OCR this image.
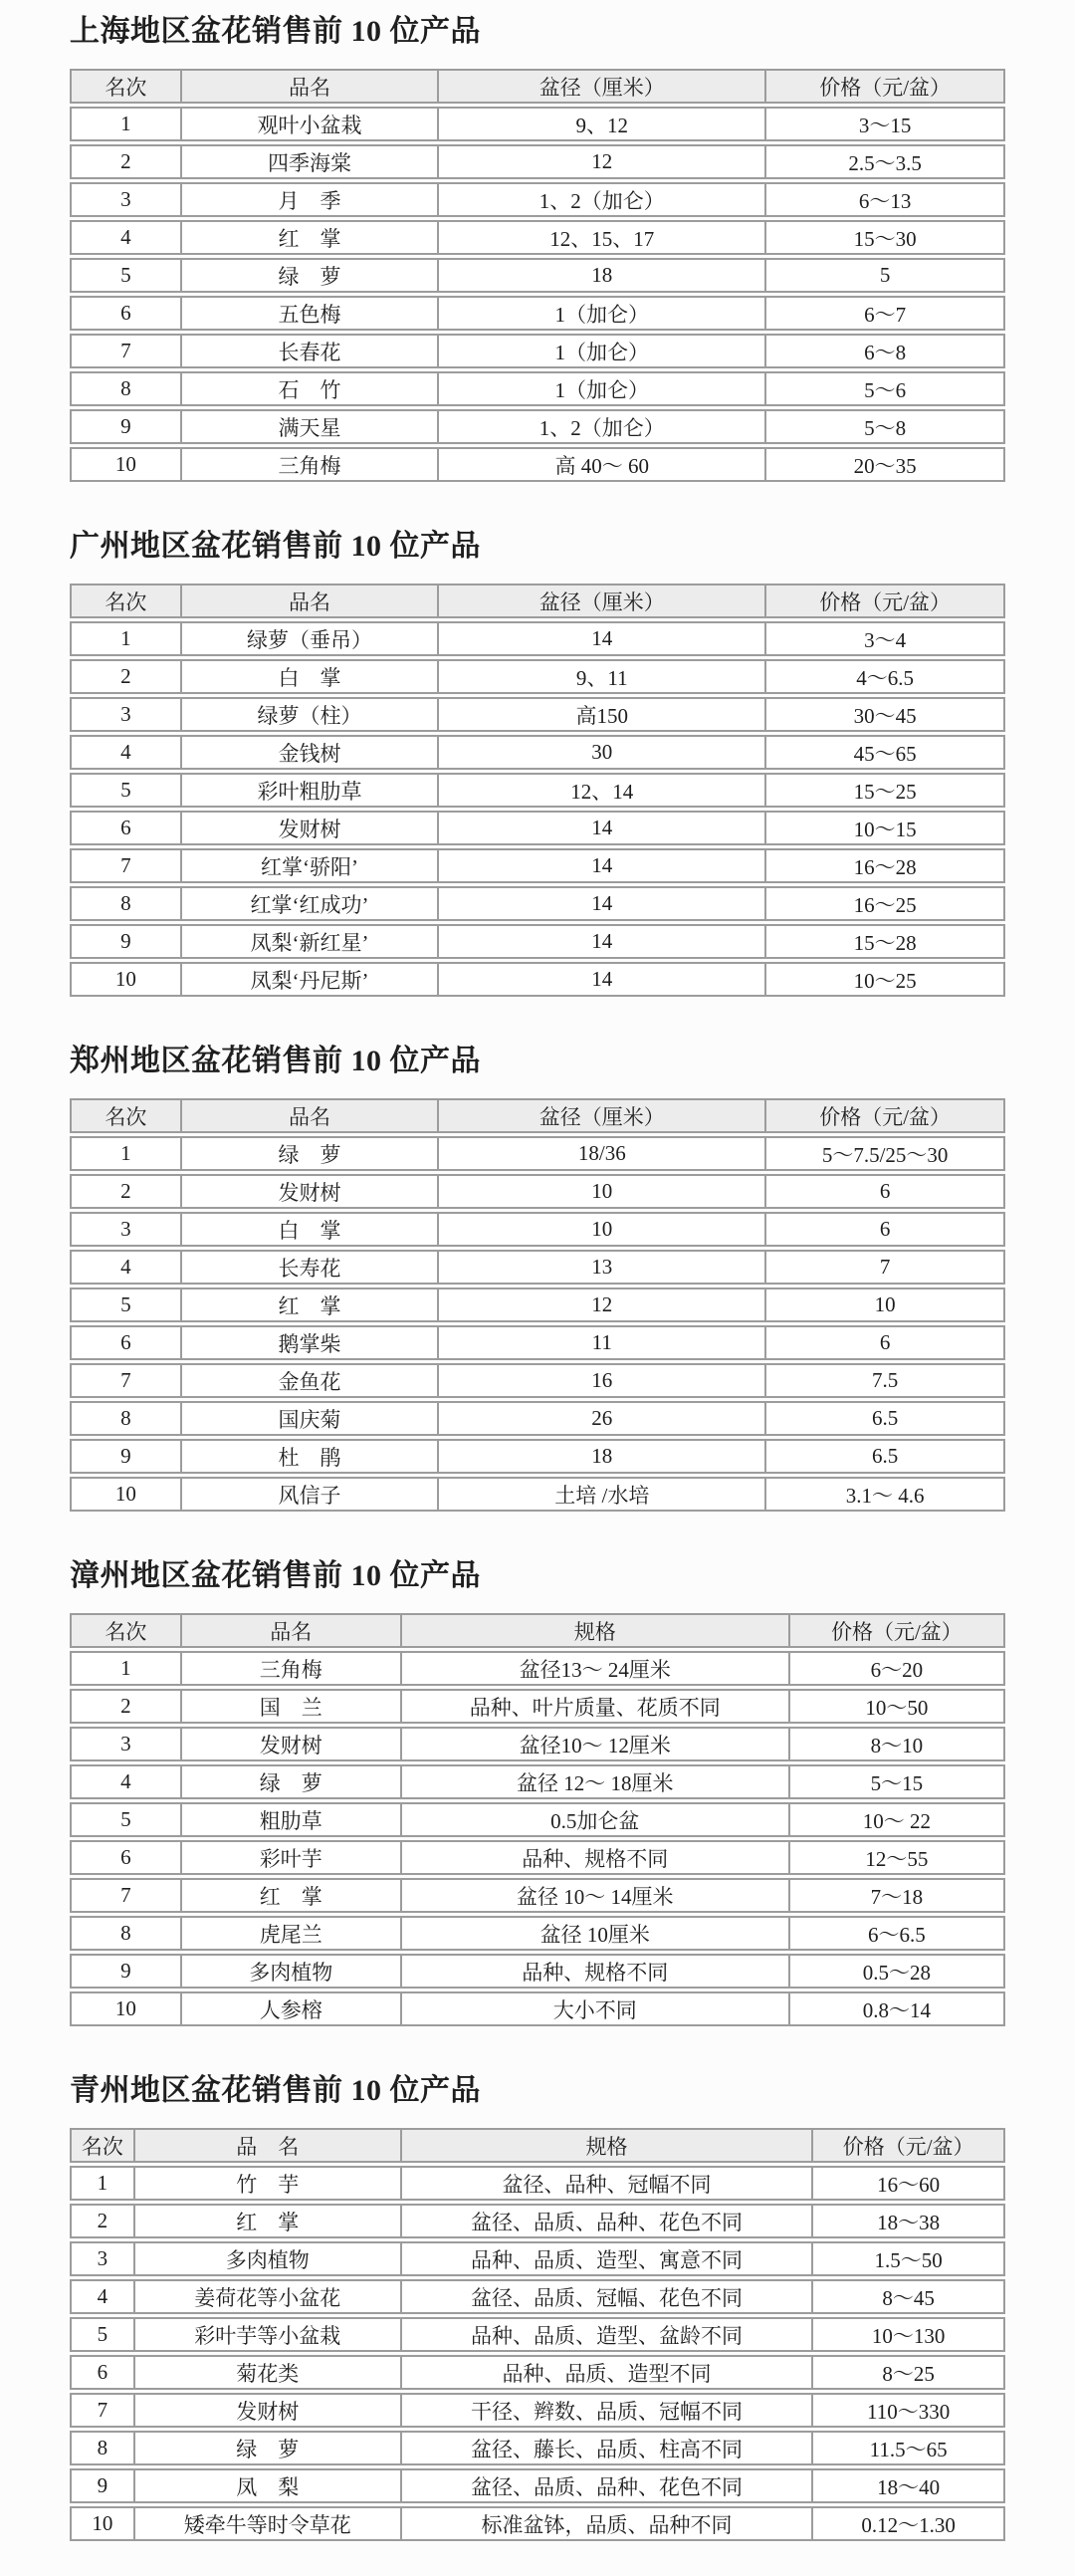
上海地区盆花销售前 10 位产品
名次	品名	盆径（厘米）	价格（元/盆）
1	观叶小盆栽	9、12	3～15
2	四季海棠	12	2.5～3.5
3	月　季	1、2（加仑）	6～13
4	红　掌	12、15、17	15～30
5	绿　萝	18	5
6	五色梅	1（加仑）	6～7
7	长春花	1（加仑）	6～8
8	石　竹	1（加仑）	5～6
9	满天星	1、2（加仑）	5～8
10	三角梅	高 40～ 60	20～35
广州地区盆花销售前 10 位产品
名次	品名	盆径（厘米）	价格（元/盆）
1	绿萝（垂吊）	14	3～4
2	白　掌	9、11	4～6.5
3	绿萝（柱）	高150	30～45
4	金钱树	30	45～65
5	彩叶粗肋草	12、14	15～25
6	发财树	14	10～15
7	红掌‘骄阳’	14	16～28
8	红掌‘红成功’	14	16～25
9	凤梨‘新红星’	14	15～28
10	凤梨‘丹尼斯’	14	10～25
郑州地区盆花销售前 10 位产品
名次	品名	盆径（厘米）	价格（元/盆）
1	绿　萝	18/36	5～7.5/25～30
2	发财树	10	6
3	白　掌	10	6
4	长寿花	13	7
5	红　掌	12	10
6	鹅掌柴	11	6
7	金鱼花	16	7.5
8	国庆菊	26	6.5
9	杜　鹃	18	6.5
10	风信子	土培 /水培	3.1～ 4.6
漳州地区盆花销售前 10 位产品
名次	品名	规格	价格（元/盆）
1	三角梅	盆径13～ 24厘米	6～20
2	国　兰	品种、叶片质量、花质不同	10～50
3	发财树	盆径10～ 12厘米	8～10
4	绿　萝	盆径 12～ 18厘米	5～15
5	粗肋草	0.5加仑盆	10～ 22
6	彩叶芋	品种、规格不同	12～55
7	红　掌	盆径 10～ 14厘米	7～18
8	虎尾兰	盆径 10厘米	6～6.5
9	多肉植物	品种、规格不同	0.5～28
10	人参榕	大小不同	0.8～14
青州地区盆花销售前 10 位产品
名次	品　名	规格	价格（元/盆）
1	竹　芋	盆径、品种、冠幅不同	16～60
2	红　掌	盆径、品质、品种、花色不同	18～38
3	多肉植物	品种、品质、造型、寓意不同	1.5～50
4	姜荷花等小盆花	盆径、品质、冠幅、花色不同	8～45
5	彩叶芋等小盆栽	品种、品质、造型、盆龄不同	10～130
6	菊花类	品种、品质、造型不同	8～25
7	发财树	干径、辫数、品质、冠幅不同	110～330
8	绿　萝	盆径、藤长、品质、柱高不同	11.5～65
9	凤　梨	盆径、品质、品种、花色不同	18～40
10	矮牵牛等时令草花	标准盆钵，品质、品种不同	0.12～1.30
